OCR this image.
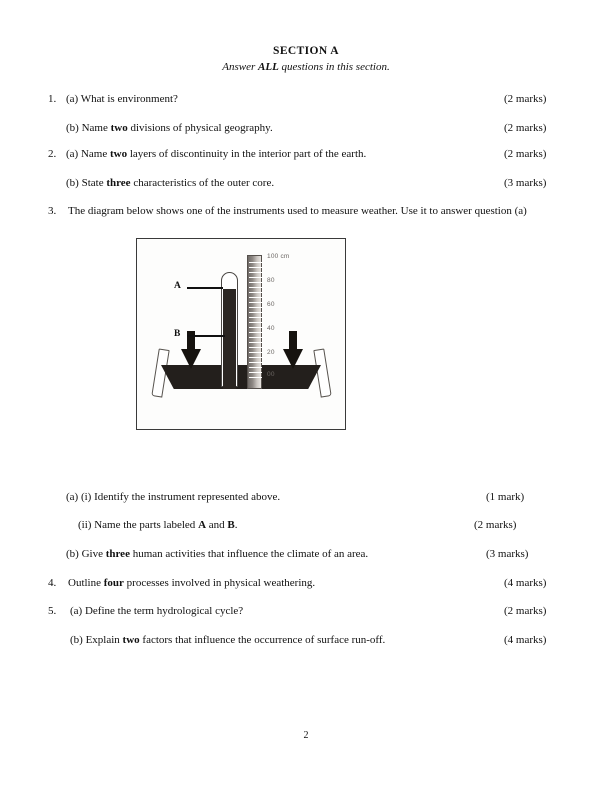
SECTION A
Answer ALL questions in this section.
1. (a) What is environment?	(2 marks)
(b) Name two divisions of physical geography.	(2 marks)
2. (a) Name two layers of discontinuity in the interior part of the earth.	(2 marks)
(b) State three characteristics of the outer core.	(3 marks)
3. The diagram below shows one of the instruments used to measure weather. Use it to answer question (a)
100 cm
80
60
40
20
00
A
B
(a) (i) Identify the instrument represented above.	(1 mark)
(ii) Name the parts labeled A and B.	(2 marks)
(b) Give three human activities that influence the climate of an area.	(3 marks)
4. Outline four processes involved in physical weathering.	(4 marks)
5. (a) Define the term hydrological cycle?	(2 marks)
(b) Explain two factors that influence the occurrence of surface run-off.	(4 marks)
2
